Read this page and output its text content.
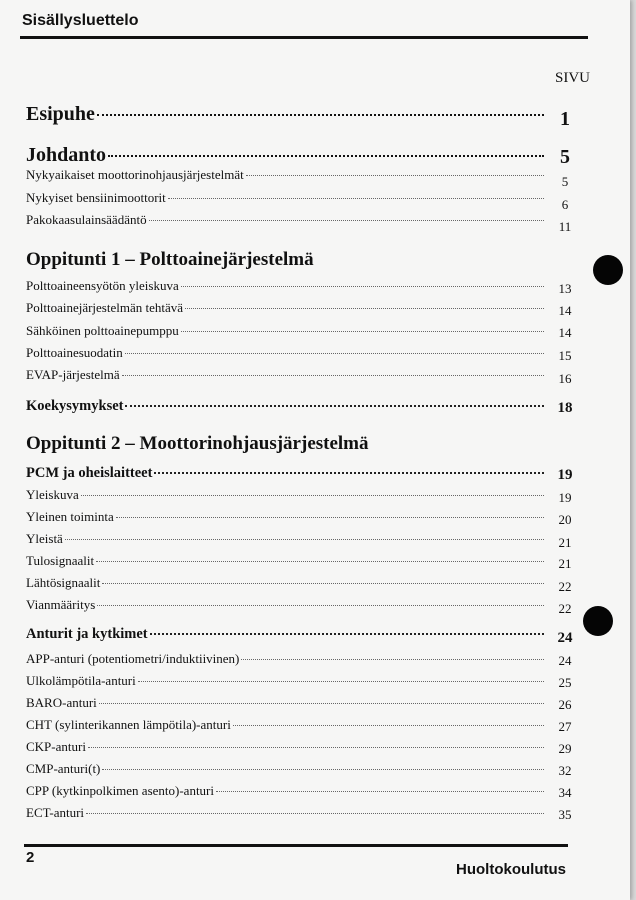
Sisällysluettelo
SIVU
Esipuhe	1
Johdanto	5
Nykyaikaiset moottorinohjausjärjestelmät	5
Nykyiset bensiinimoottorit	6
Pakokaasulainsäädäntö	11
Oppitunti 1 – Polttoainejärjestelmä
Polttoaineensyötön yleiskuva	13
Polttoainejärjestelmän tehtävä	14
Sähköinen polttoainepumppu	14
Polttoainesuodatin	15
EVAP-järjestelmä	16
Koekysymykset	18
Oppitunti 2 – Moottorinohjausjärjestelmä
PCM ja oheislaitteet	19
Yleiskuva	19
Yleinen toiminta	20
Yleistä	21
Tulosignaalit	21
Lähtösignaalit	22
Vianmääritys	22
Anturit ja kytkimet	24
APP-anturi (potentiometri/induktiivinen)	24
Ulkolämpötila-anturi	25
BARO-anturi	26
CHT (sylinterikannen lämpötila)-anturi	27
CKP-anturi	29
CMP-anturi(t)	32
CPP (kytkinpolkimen asento)-anturi	34
ECT-anturi	35
2
Huoltokoulutus
